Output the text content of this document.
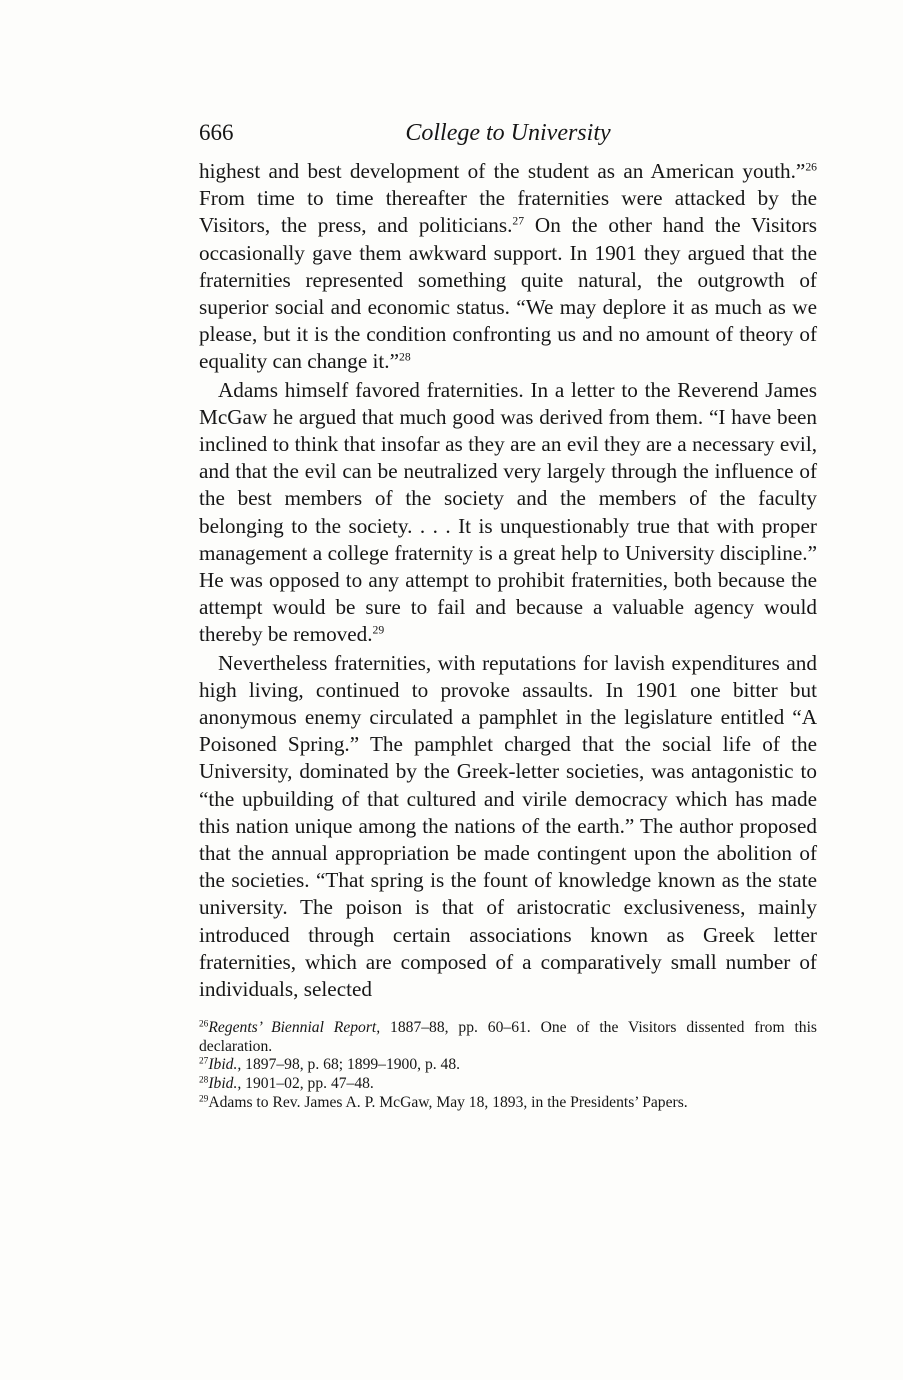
666	College to University

highest and best development of the student as an American youth.”$^{26}$ From time to time thereafter the fraternities were attacked by the Visitors, the press, and politicians.$^{27}$ On the other hand the Visitors occasionally gave them awkward support. In 1901 they argued that the fraternities represented something quite natural, the outgrowth of superior social and economic status. “We may deplore it as much as we please, but it is the condition confronting us and no amount of theory of equality can change it.”$^{28}$

Adams himself favored fraternities. In a letter to the Reverend James McGaw he argued that much good was derived from them. “I have been inclined to think that insofar as they are an evil they are a necessary evil, and that the evil can be neutralized very largely through the influence of the best members of the society and the members of the faculty belonging to the society. . . . It is unquestionably true that with proper management a college fraternity is a great help to University discipline.” He was opposed to any attempt to prohibit fraternities, both because the attempt would be sure to fail and because a valuable agency would thereby be removed.$^{29}$

Nevertheless fraternities, with reputations for lavish expenditures and high living, continued to provoke assaults. In 1901 one bitter but anonymous enemy circulated a pamphlet in the legislature entitled “A Poisoned Spring.” The pamphlet charged that the social life of the University, dominated by the Greek-letter societies, was antagonistic to “the upbuilding of that cultured and virile democracy which has made this nation unique among the nations of the earth.” The author proposed that the annual appropriation be made contingent upon the abolition of the societies. “That spring is the fount of knowledge known as the state university. The poison is that of aristocratic exclusiveness, mainly introduced through certain associations known as Greek letter fraternities, which are composed of a comparatively small number of individuals, selected

$^{26}$Regents’ Biennial Report, 1887–88, pp. 60–61. One of the Visitors dissented from this declaration.

$^{27}$Ibid., 1897–98, p. 68; 1899–1900, p. 48.

$^{28}$Ibid., 1901–02, pp. 47–48.

$^{29}$Adams to Rev. James A. P. McGaw, May 18, 1893, in the Presidents’ Papers.
